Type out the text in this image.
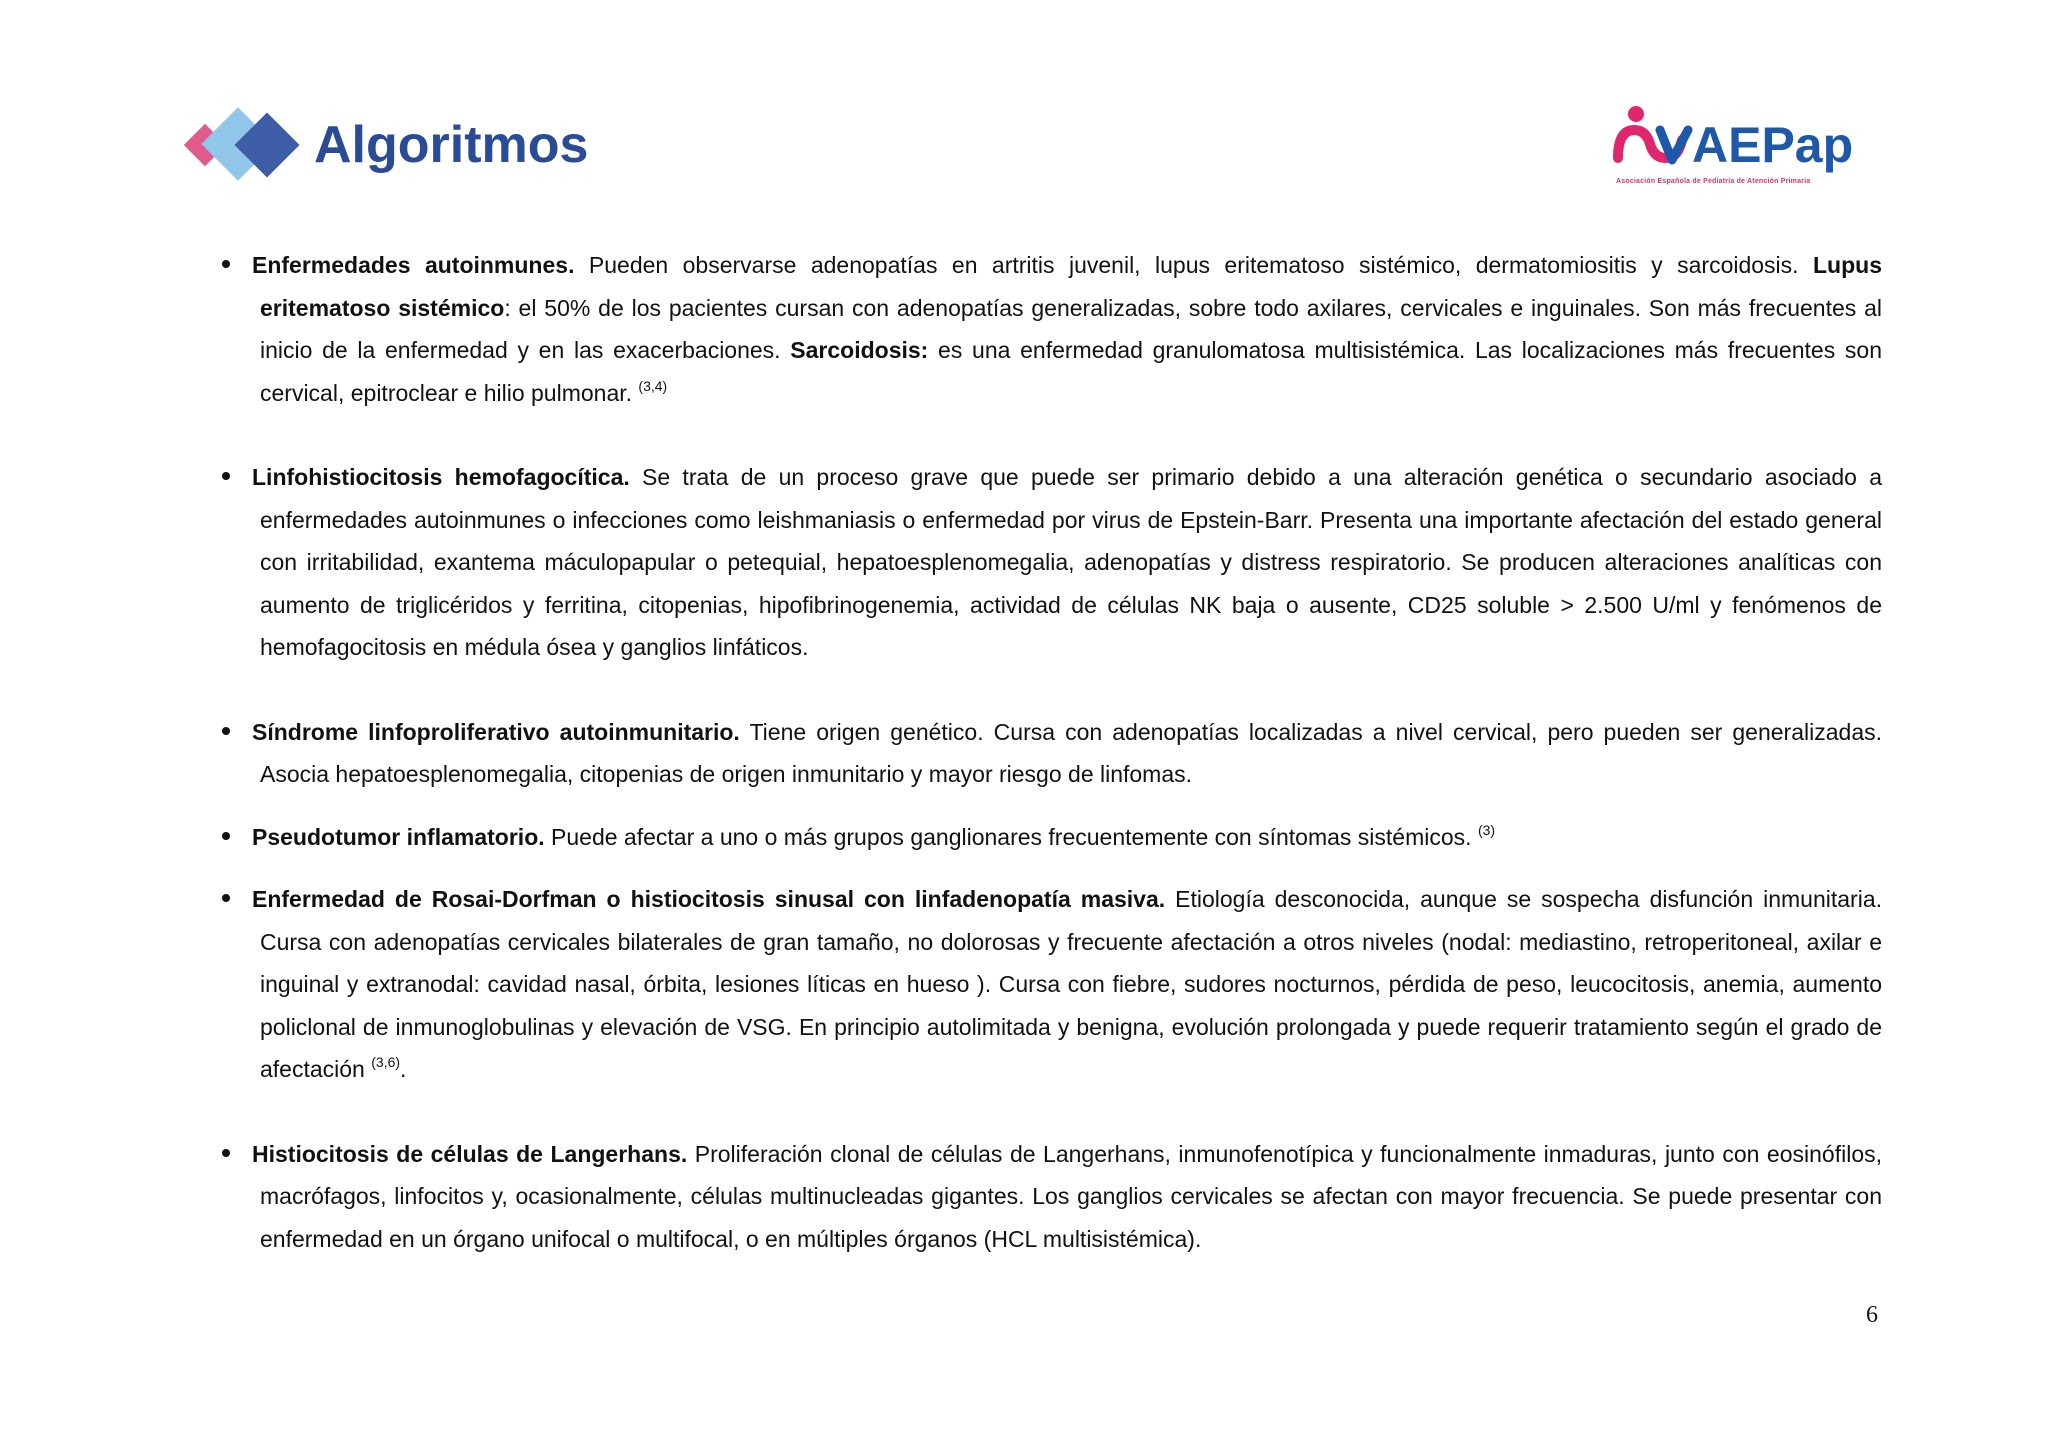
Algoritmos	AEPap
Asociación Española de Pediatría de Atención Primaria
Enfermedades autoinmunes. Pueden observarse adenopatías en artritis juvenil, lupus eritematoso sistémico, dermatomiositis y sarcoidosis. Lupus eritematoso sistémico: el 50% de los pacientes cursan con adenopatías generalizadas, sobre todo axilares, cervicales e inguinales. Son más frecuentes al inicio de la enfermedad y en las exacerbaciones. Sarcoidosis: es una enfermedad granulomatosa multisistémica. Las localizaciones más frecuentes son cervical, epitroclear e hilio pulmonar. $^{(3,4)}$
Linfohistiocitosis hemofagocítica. Se trata de un proceso grave que puede ser primario debido a una alteración genética o secundario asociado a enfermedades autoinmunes o infecciones como leishmaniasis o enfermedad por virus de Epstein-Barr. Presenta una importante afectación del estado general con irritabilidad, exantema máculopapular o petequial, hepatoesplenomegalia, adenopatías y distress respiratorio. Se producen alteraciones analíticas con aumento de triglicéridos y ferritina, citopenias, hipofibrinogenemia, actividad de células NK baja o ausente, CD25 soluble > 2.500 U/ml y fenómenos de hemofagocitosis en médula ósea y ganglios linfáticos.
Síndrome linfoproliferativo autoinmunitario. Tiene origen genético. Cursa con adenopatías localizadas a nivel cervical, pero pueden ser generalizadas. Asocia hepatoesplenomegalia, citopenias de origen inmunitario y mayor riesgo de linfomas.
Pseudotumor inflamatorio. Puede afectar a uno o más grupos ganglionares frecuentemente con síntomas sistémicos. $^{(3)}$
Enfermedad de Rosai-Dorfman o histiocitosis sinusal con linfadenopatía masiva. Etiología desconocida, aunque se sospecha disfunción inmunitaria. Cursa con adenopatías cervicales bilaterales de gran tamaño, no dolorosas y frecuente afectación a otros niveles (nodal: mediastino, retroperitoneal, axilar e inguinal y extranodal: cavidad nasal, órbita, lesiones líticas en hueso ). Cursa con fiebre, sudores nocturnos, pérdida de peso, leucocitosis, anemia, aumento policlonal de inmunoglobulinas y elevación de VSG. En principio autolimitada y benigna, evolución prolongada y puede requerir tratamiento según el grado de afectación $^{(3,6)}$.
Histiocitosis de células de Langerhans. Proliferación clonal de células de Langerhans, inmunofenotípica y funcionalmente inmaduras, junto con eosinófilos, macrófagos, linfocitos y, ocasionalmente, células multinucleadas gigantes. Los ganglios cervicales se afectan con mayor frecuencia. Se puede presentar con enfermedad en un órgano unifocal o multifocal, o en múltiples órganos (HCL multisistémica).
6
